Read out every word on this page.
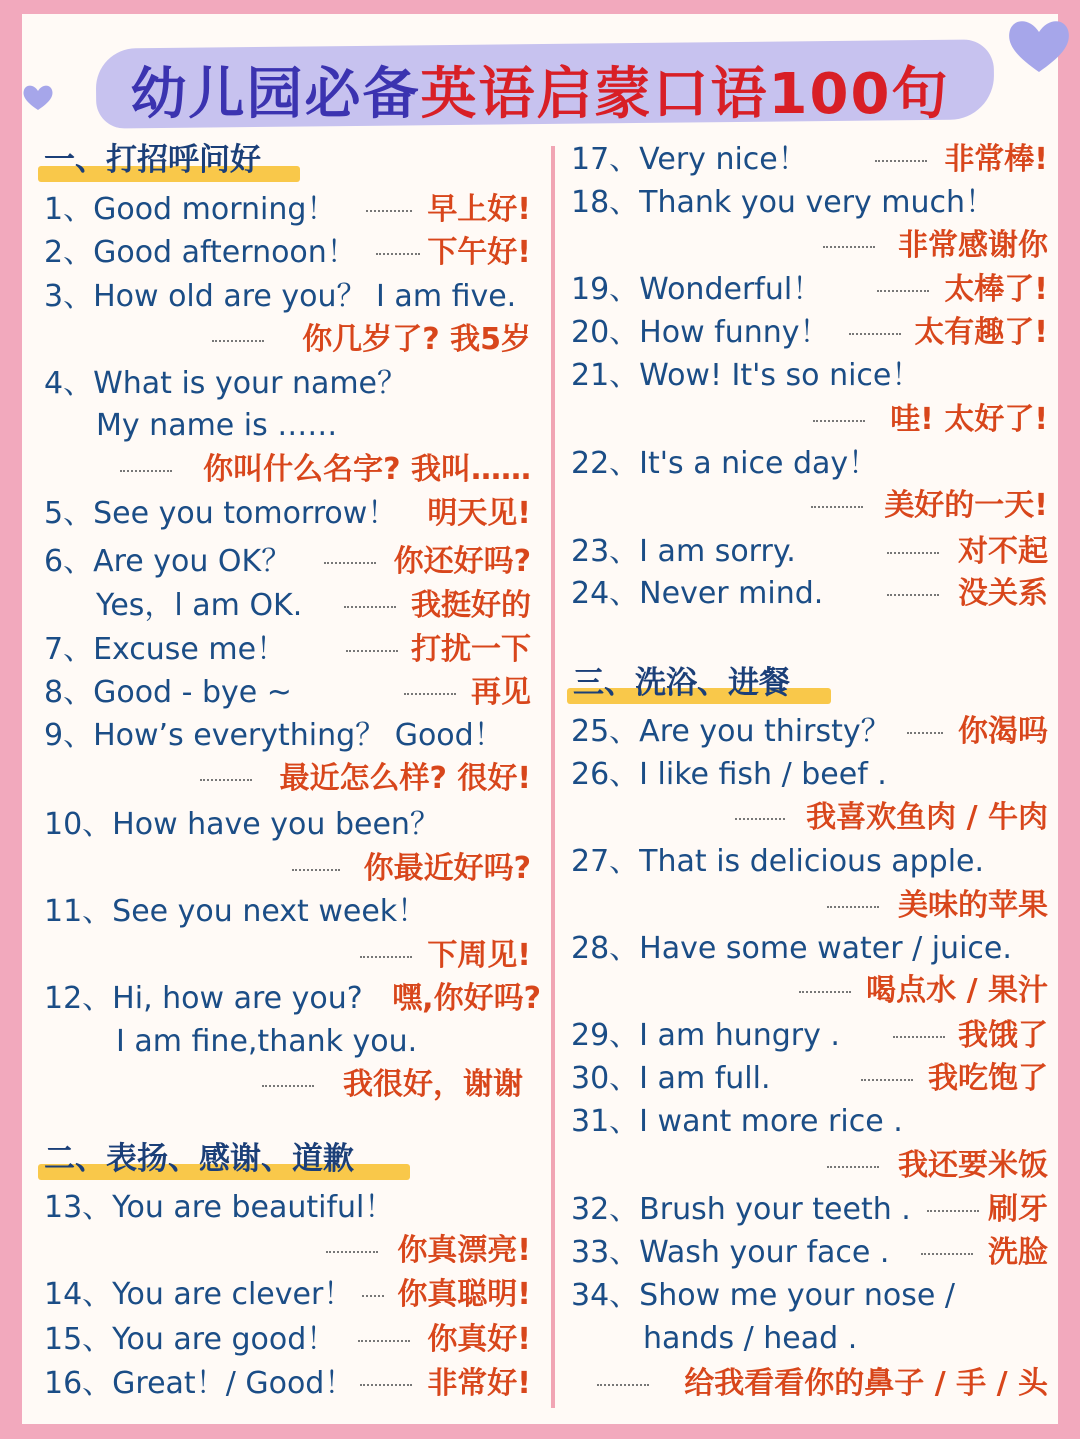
幼儿园必备英语启蒙口语100句
一、打招呼问好
1、Good morning！	早上好!
2、Good afternoon！ 下午好!
3、How old are you？ I am five.
你几岁了? 我5岁
4、What is your name？
My name is ……
你叫什么名字? 我叫……
5、See you tomorrow！ 明天见!
6、Are you OK？	你还好吗?
Yes，l am OK.	我挺好的
7、Excuse me！	打扰一下
8、Good - bye ~	再见
9、How’s everything？ Good！
最近怎么样? 很好!
10、How have you been？
你最近好吗?
11、See you next week！
下周见!
12、Hi, how are you? 嘿,你好吗?
I am fine,thank you.
我很好，谢谢
二、表扬、感谢、道歉
13、You are beautiful！
你真漂亮!
14、You are clever！ 你真聪明!
15、You are good！	你真好!
16、Great！/ Good！ 非常好!
17、Very nice！	非常棒!
18、Thank you very much！
非常感谢你
19、Wonderful！	太棒了!
20、How funny！	太有趣了!
21、Wow! It's so nice！
哇! 太好了!
22、It's a nice day！
美好的一天!
23、I am sorry.	对不起
24、Never mind.	没关系
三、洗浴、进餐
25、Are you thirsty？ 你渴吗
26、I like fish / beef .
我喜欢鱼肉 / 牛肉
27、That is delicious apple.
美味的苹果
28、Have some water / juice.
喝点水 / 果汁
29、I am hungry .	我饿了
30、I am full.	我吃饱了
31、I want more rice .
我还要米饭
32、Brush your teeth .	刷牙
33、Wash your face .	洗脸
34、Show me your nose /
hands / head .
给我看看你的鼻子 / 手 / 头
